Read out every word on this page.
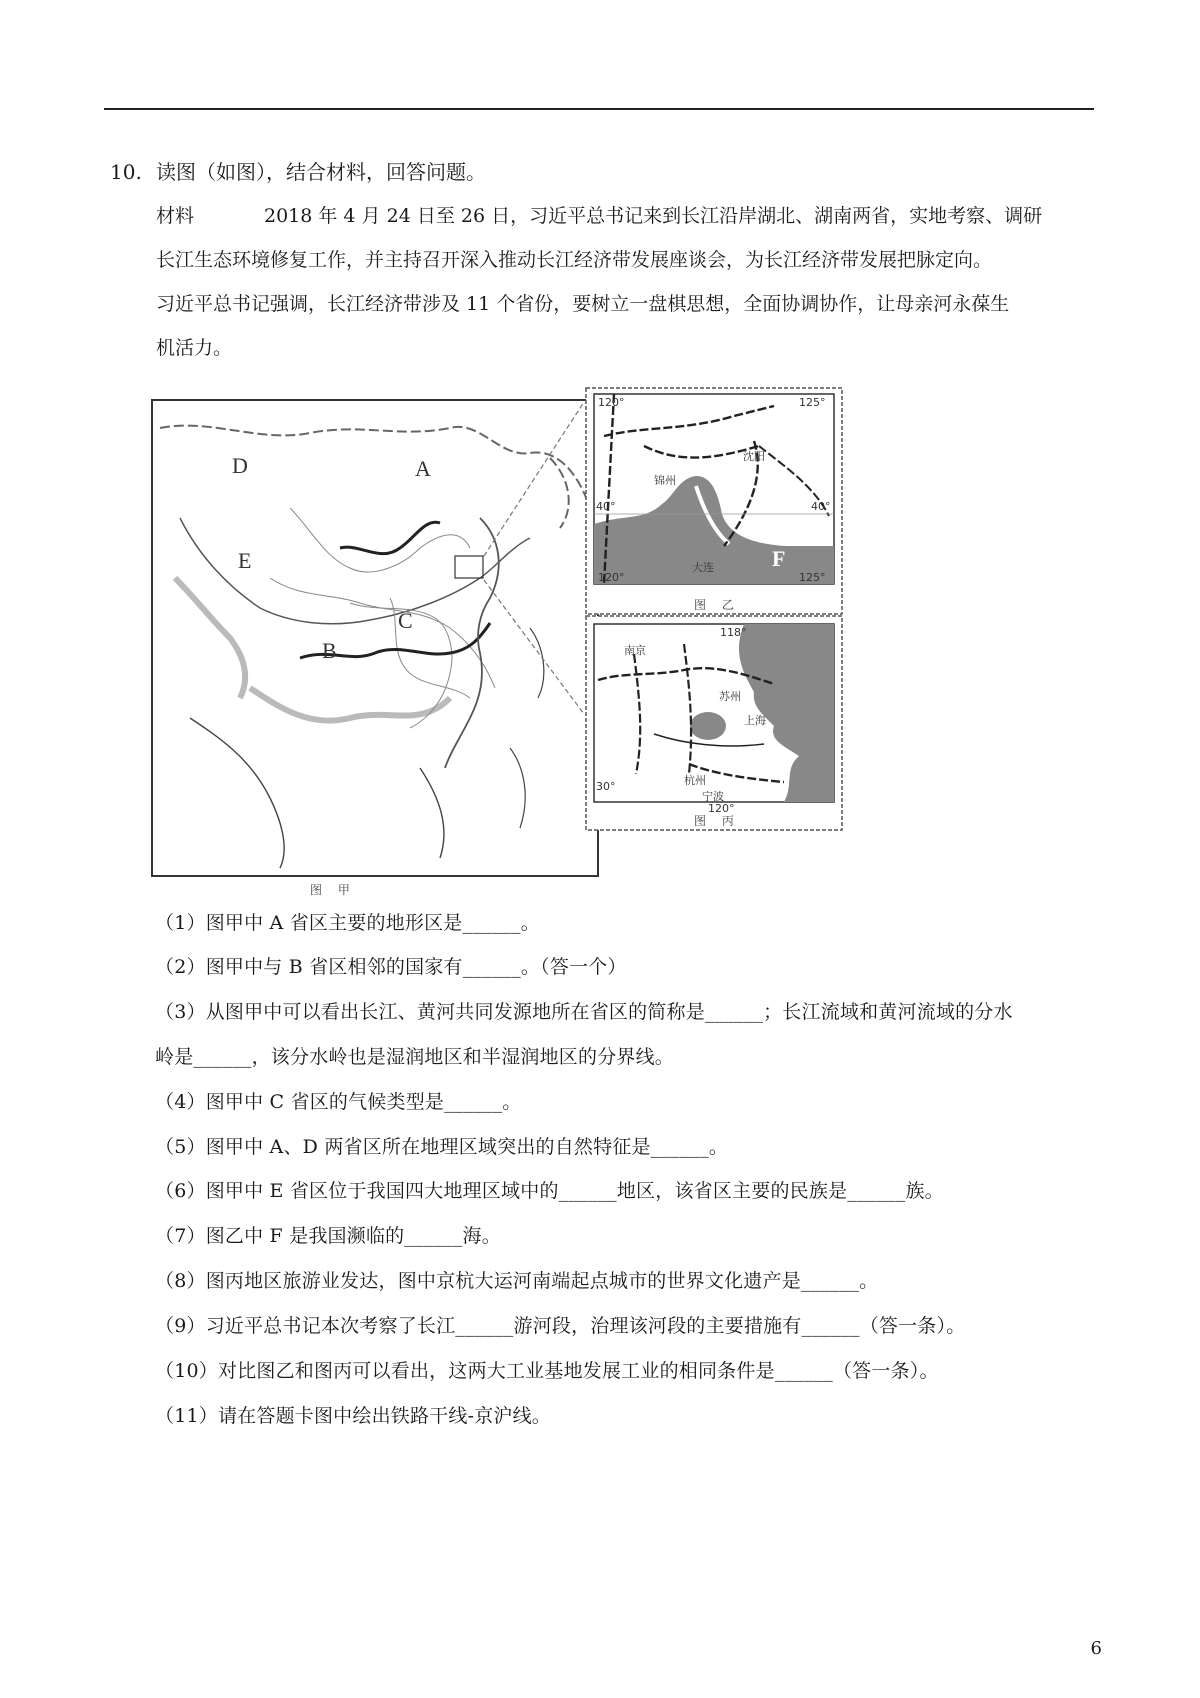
10. 读图（如图），结合材料，回答问题。
材料	2018 年 4 月 24 日至 26 日，习近平总书记来到长江沿岸湖北、湖南两省，实地考察、调研
长江生态环境修复工作，并主持召开深入推动长江经济带发展座谈会，为长江经济带发展把脉定向。
习近平总书记强调，长江经济带涉及 11 个省份，要树立一盘棋思想，全面协调协作，让母亲河永葆生
机活力。
D	A
E
B
C
图 甲
120°	125°
40°
120°	125°
40°
沈阳
锦州
大连	F
图 乙
南京
苏州
上海
杭州
宁波
118°
30°
120°
图 丙
（1）图甲中 A 省区主要的地形区是______。
（2）图甲中与 B 省区相邻的国家有______。（答一个）
（3）从图甲中可以看出长江、黄河共同发源地所在省区的简称是______；长江流域和黄河流域的分水
岭是______，该分水岭也是湿润地区和半湿润地区的分界线。
（4）图甲中 C 省区的气候类型是______。
（5）图甲中 A、D 两省区所在地理区域突出的自然特征是______。
（6）图甲中 E 省区位于我国四大地理区域中的______地区，该省区主要的民族是______族。
（7）图乙中 F 是我国濒临的______海。
（8）图丙地区旅游业发达，图中京杭大运河南端起点城市的世界文化遗产是______。
（9）习近平总书记本次考察了长江______游河段，治理该河段的主要措施有______（答一条）。
（10）对比图乙和图丙可以看出，这两大工业基地发展工业的相同条件是______（答一条）。
（11）请在答题卡图中绘出铁路干线-京沪线。
6
